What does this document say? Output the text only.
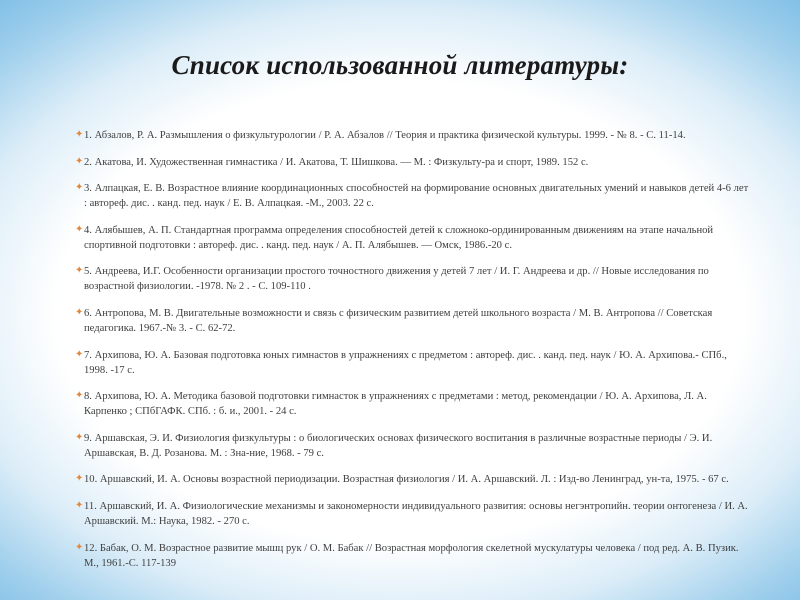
Список использованной литературы:
✦ 1. Абзалов, Р. А. Размышления о физкультурологии / Р. А. Абзалов // Теория и практика физической культуры. 1999. - № 8. - С. 11-14.
✦ 2. Акатова, И. Художественная гимнастика / И. Акатова, Т. Шишкова. — М. : Физкульту-ра и спорт, 1989. 152 с.
✦ 3. Алпацкая, Е. В. Возрастное влияние координационных способностей на формирование основных двигательных умений и навыков детей 4-6 лет : автореф. дис. . канд. пед. наук / Е. В. Алпацкая. -М., 2003. 22 с.
✦ 4. Алябышев, А. П. Стандартная программа определения способностей детей к сложноко-ординированным движениям на этапе начальной спортивной подготовки : автореф. дис. . канд. пед. наук / А. П. Алябышев. — Омск, 1986.-20 с.
✦ 5. Андреева, И.Г. Особенности организации простого точностного движения у детей 7 лет / И. Г. Андреева и др. // Новые исследования по возрастной физиологии. -1978. № 2 . - С. 109-110 .
✦ 6. Антропова, М. В. Двигательные возможности и связь с физическим развитием детей школьного возраста / М. В. Антропова // Советская педагогика. 1967.-№ 3. - С. 62-72.
✦ 7. Архипова, Ю. А. Базовая подготовка юных гимнастов в упражнениях с предметом : автореф. дис. . канд. пед. наук / Ю. А. Архипова.- СПб., 1998. -17 с.
✦ 8. Архипова, Ю. А. Методика базовой подготовки гимнасток в упражнениях с предметами : метод, рекомендации / Ю. А. Архипова, Л. А. Карпенко ; СПбГАФК. СПб. : б. и., 2001. - 24 с.
✦ 9. Аршавская, Э. И. Физиология физкультуры : о биологических основах физического воспитания в различные возрастные периоды / Э. И. Аршавская, В. Д. Розанова. М. : Зна-ние, 1968. - 79 с.
✦ 10. Аршавский, И. А. Основы возрастной периодизации. Возрастная физиология / И. А. Аршавский. Л. : Изд-во Ленинград, ун-та, 1975. - 67 с.
✦ 11. Аршавский, И. А. Физиологические механизмы и закономерности индивидуального развития: основы негэнтропийн. теории онтогенеза / И. А. Аршавский. М.: Наука, 1982. - 270 с.
✦ 12. Бабак, О. М. Возрастное развитие мышц рук / О. М. Бабак // Возрастная морфология скелетной мускулатуры человека / под ред. А. В. Пузик. М., 1961.-С. 117-139
